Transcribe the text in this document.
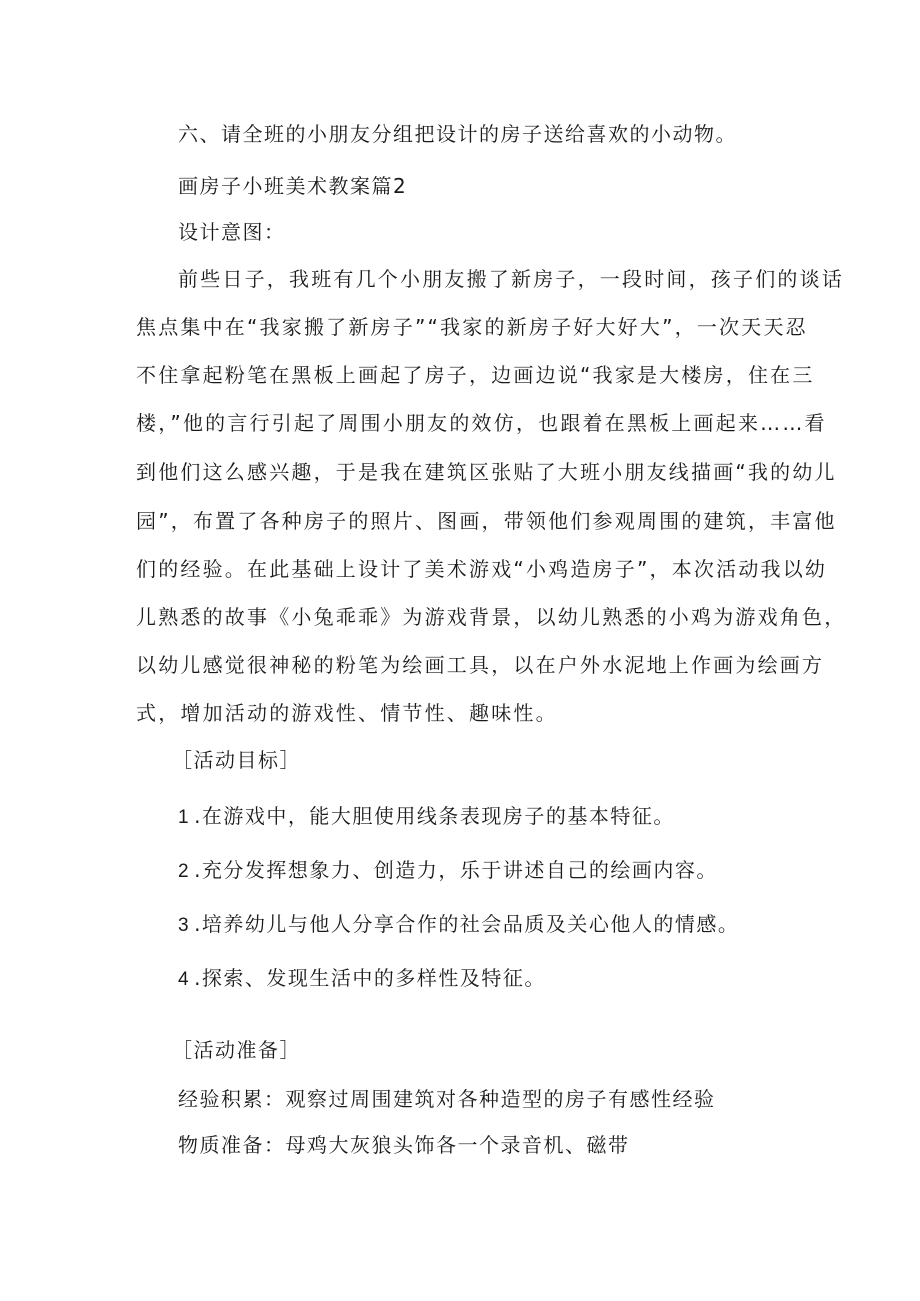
六、请全班的小朋友分组把设计的房子送给喜欢的小动物。
画房子小班美术教案篇2
设计意图：
前些日子，我班有几个小朋友搬了新房子，一段时间，孩子们的谈话
焦点集中在“我家搬了新房子”“我家的新房子好大好大”，一次天天忍
不住拿起粉笔在黑板上画起了房子，边画边说“我家是大楼房，住在三
楼，”他的言行引起了周围小朋友的效仿，也跟着在黑板上画起来……看
到他们这么感兴趣，于是我在建筑区张贴了大班小朋友线描画“我的幼儿
园”，布置了各种房子的照片、图画，带领他们参观周围的建筑，丰富他
们的经验。在此基础上设计了美术游戏“小鸡造房子”，本次活动我以幼
儿熟悉的故事《小兔乖乖》为游戏背景，以幼儿熟悉的小鸡为游戏角色，
以幼儿感觉很神秘的粉笔为绘画工具，以在户外水泥地上作画为绘画方
式，增加活动的游戏性、情节性、趣味性。
［活动目标］
1 .在游戏中，能大胆使用线条表现房子的基本特征。
2 .充分发挥想象力、创造力，乐于讲述自己的绘画内容。
3 .培养幼儿与他人分享合作的社会品质及关心他人的情感。
4 .探索、发现生活中的多样性及特征。
［活动准备］
经验积累：观察过周围建筑对各种造型的房子有感性经验
物质准备：母鸡大灰狼头饰各一个录音机、磁带
